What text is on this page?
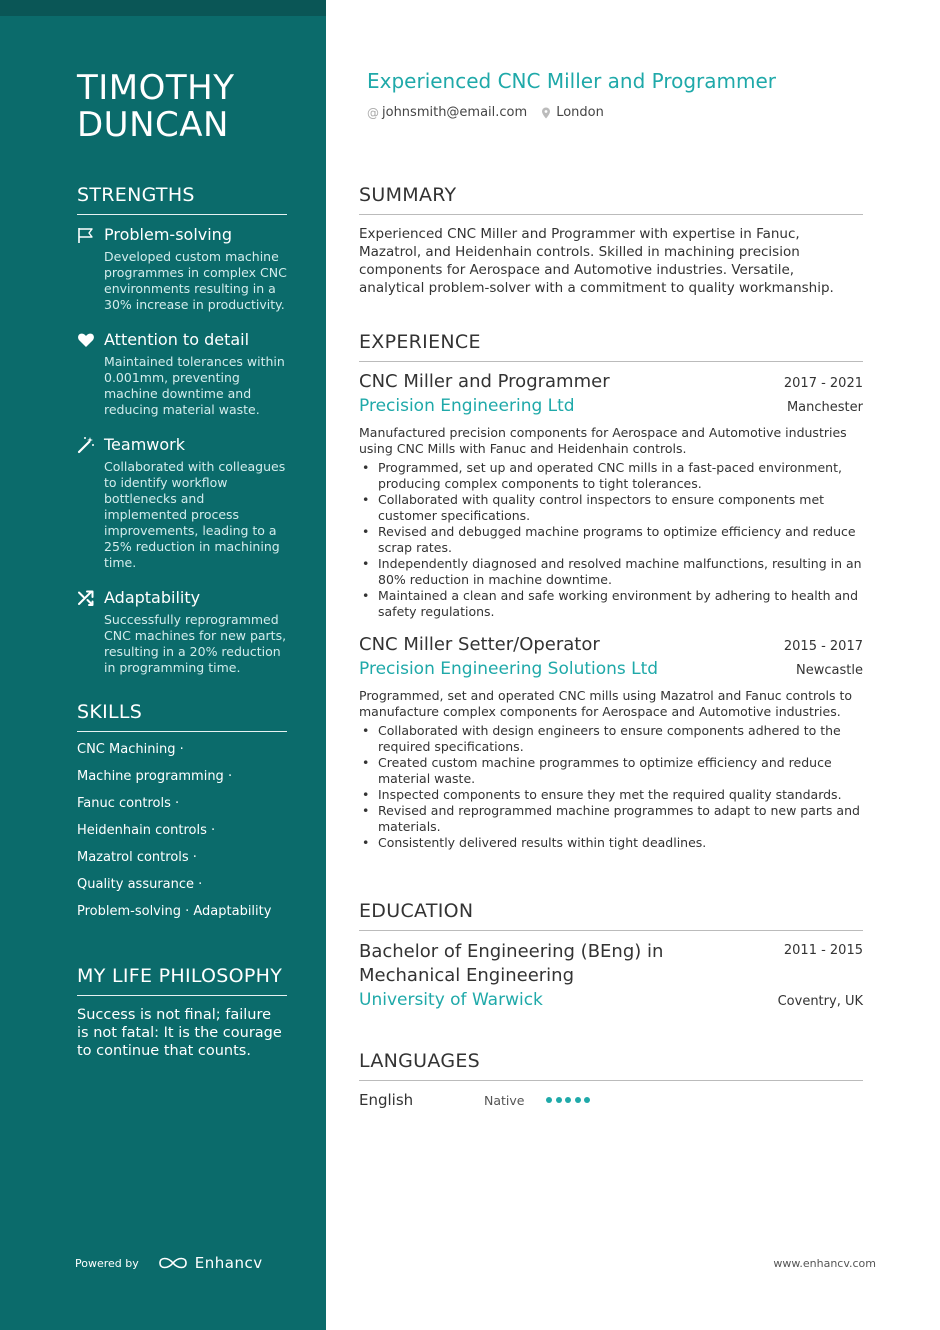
TIMOTHY
DUNCAN
STRENGTHS
Problem-solving
Developed custom machine programmes in complex CNC environments resulting in a 30% increase in productivity.
Attention to detail
Maintained tolerances within 0.001mm, preventing machine downtime and reducing material waste.
Teamwork
Collaborated with colleagues to identify workflow bottlenecks and implemented process improvements, leading to a 25% reduction in machining time.
Adaptability
Successfully reprogrammed CNC machines for new parts, resulting in a 20% reduction in programming time.
SKILLS
CNC Machining ·
Machine programming ·
Fanuc controls ·
Heidenhain controls ·
Mazatrol controls ·
Quality assurance ·
Problem-solving · Adaptability
MY LIFE PHILOSOPHY
Success is not final; failure is not fatal: It is the courage to continue that counts.
Powered by	Enhancv
Experienced CNC Miller and Programmer
@ johnsmith@email.com London
SUMMARY
Experienced CNC Miller and Programmer with expertise in Fanuc, Mazatrol, and Heidenhain controls. Skilled in machining precision components for Aerospace and Automotive industries. Versatile, analytical problem-solver with a commitment to quality workmanship.
EXPERIENCE
CNC Miller and Programmer	2017 - 2021
Precision Engineering Ltd	Manchester
Manufactured precision components for Aerospace and Automotive industries using CNC Mills with Fanuc and Heidenhain controls.
• Programmed, set up and operated CNC mills in a fast-paced environment, producing complex components to tight tolerances.
• Collaborated with quality control inspectors to ensure components met customer specifications.
• Revised and debugged machine programs to optimize efficiency and reduce scrap rates.
• Independently diagnosed and resolved machine malfunctions, resulting in an 80% reduction in machine downtime.
• Maintained a clean and safe working environment by adhering to health and safety regulations.
CNC Miller Setter/Operator	2015 - 2017
Precision Engineering Solutions Ltd	Newcastle
Programmed, set and operated CNC mills using Mazatrol and Fanuc controls to manufacture complex components for Aerospace and Automotive industries.
• Collaborated with design engineers to ensure components adhered to the required specifications.
• Created custom machine programmes to optimize efficiency and reduce material waste.
• Inspected components to ensure they met the required quality standards.
• Revised and reprogrammed machine programmes to adapt to new parts and materials.
• Consistently delivered results within tight deadlines.
EDUCATION
Bachelor of Engineering (BEng) in
Mechanical Engineering
2011 - 2015
University of Warwick	Coventry, UK
LANGUAGES
English	Native
www.enhancv.com
